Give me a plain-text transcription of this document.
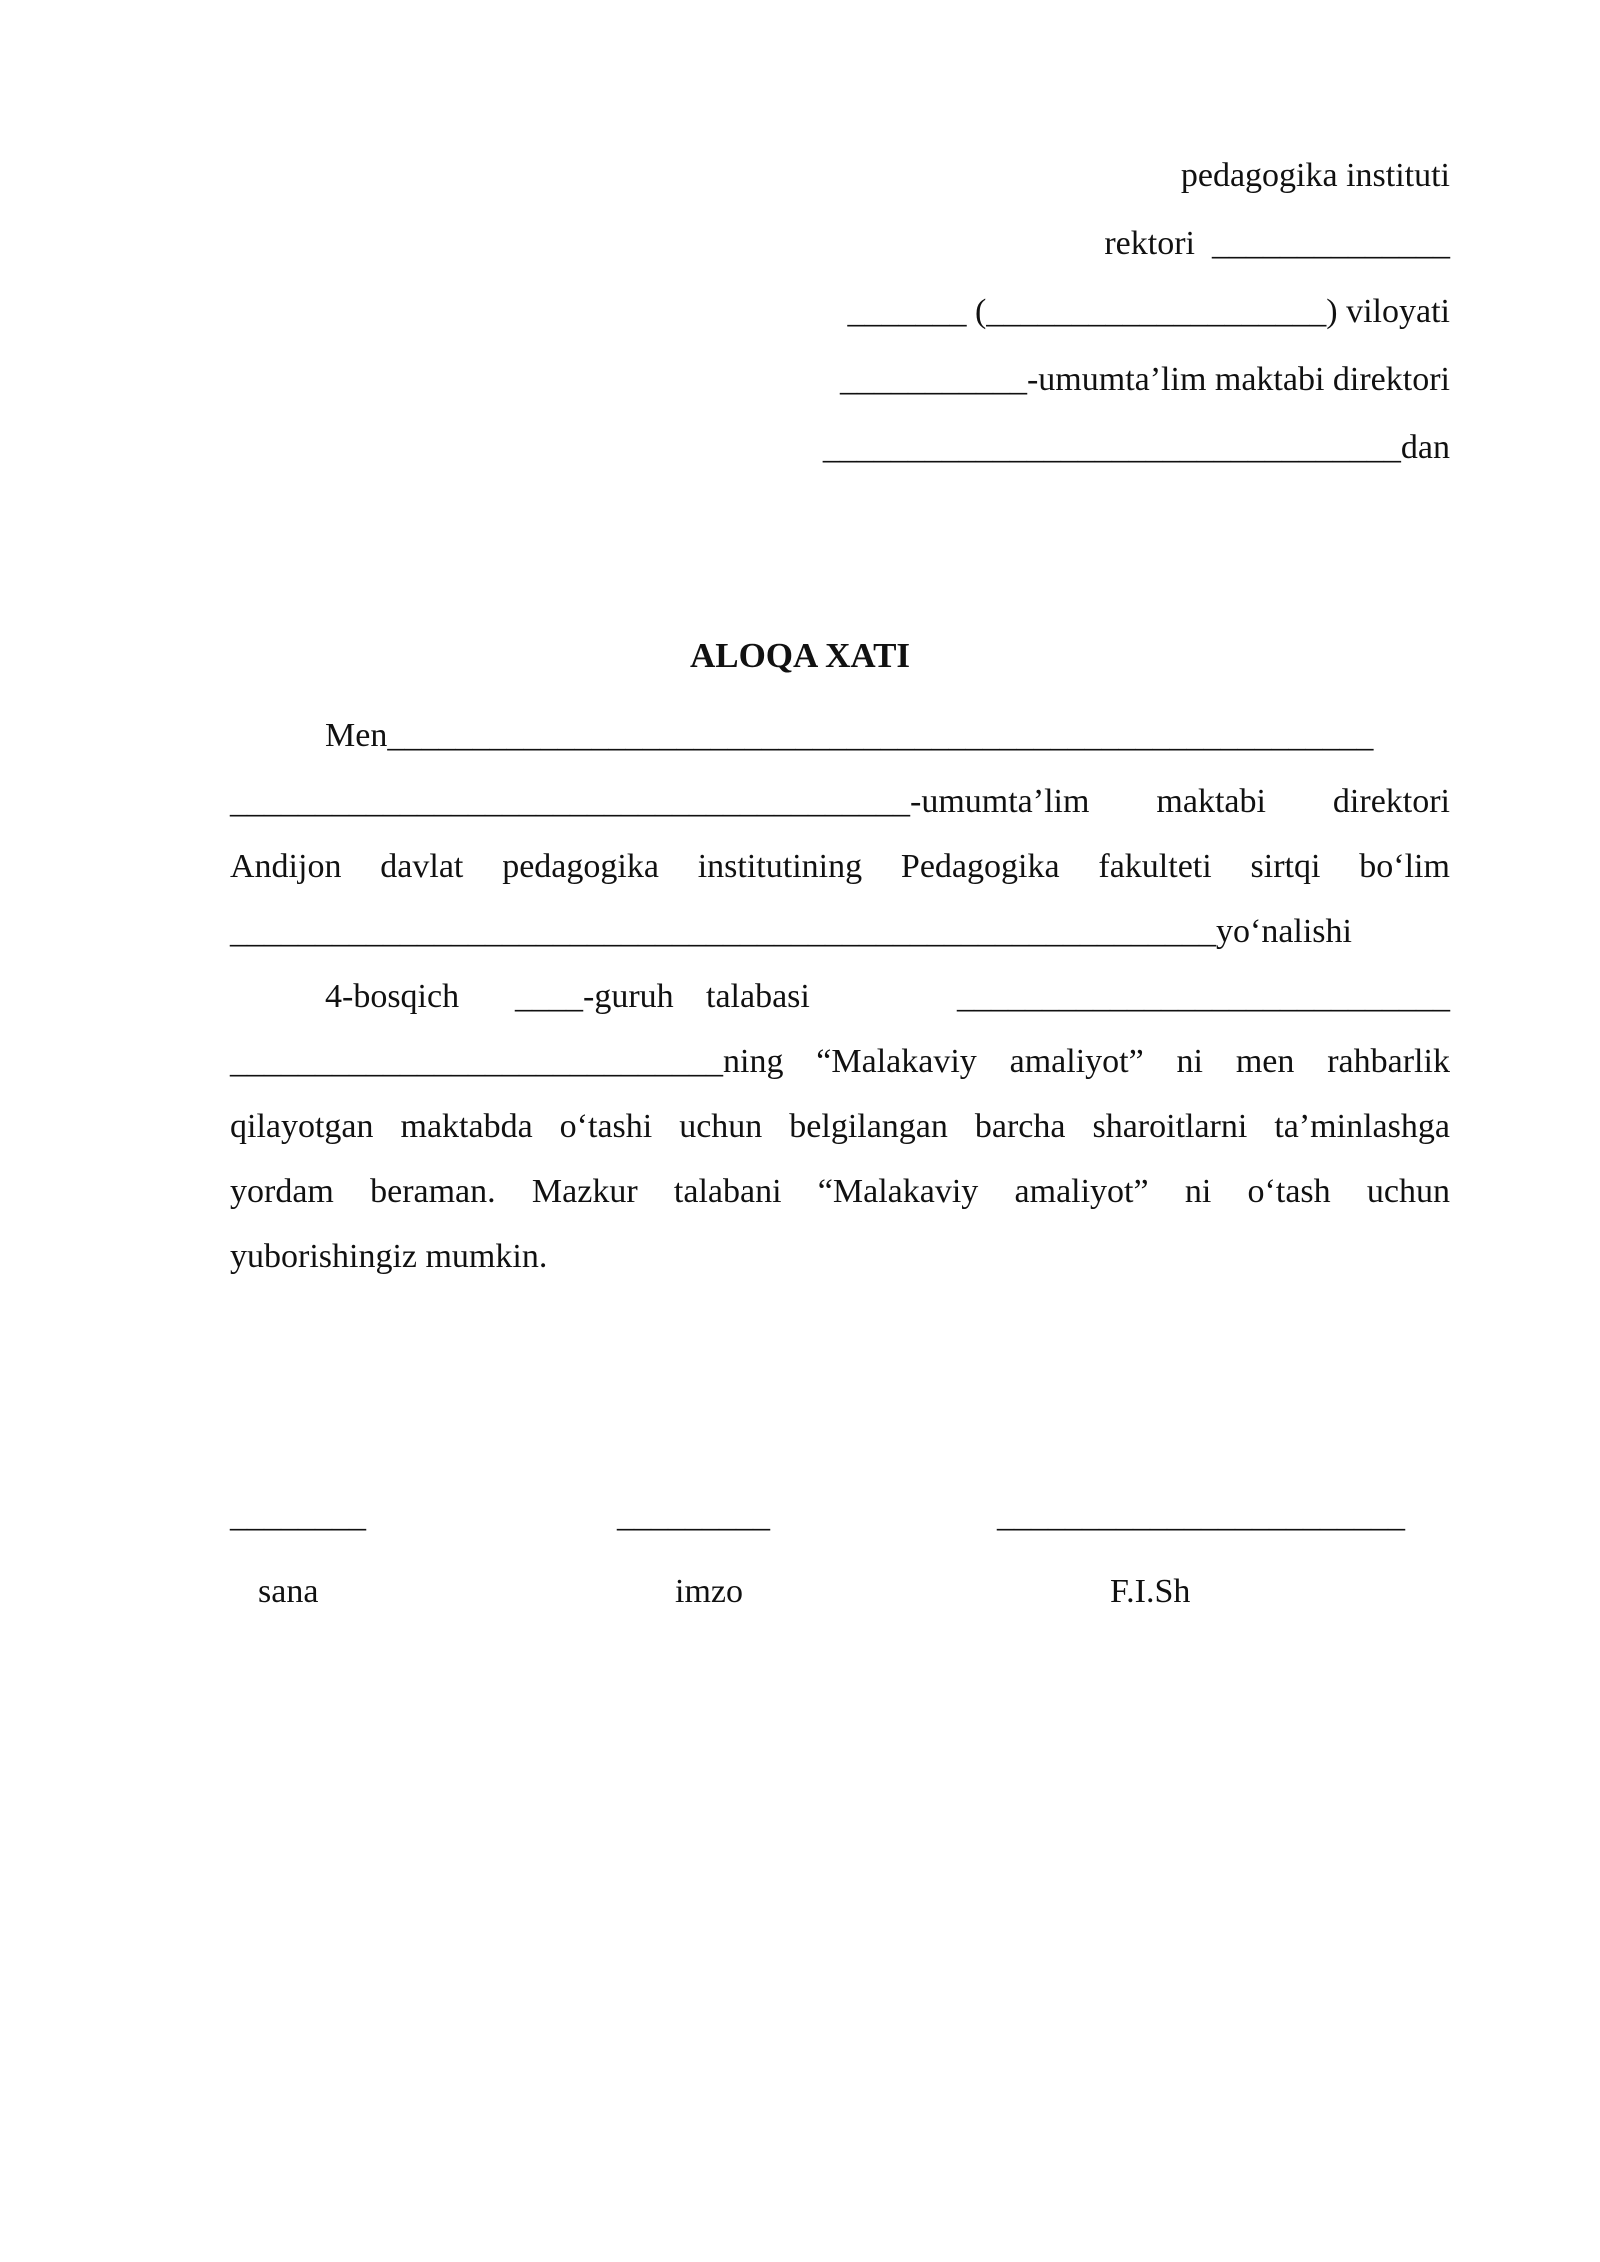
pedagogika instituti
rektori  ______________
_______ (____________________) viloyati
___________-umumta’lim maktabi direktori
__________________________________dan
ALOQA XATI
Men__________________________________________________________
________________________________________-umumta’lim maktabi direktori
Andijon davlat pedagogika institutining Pedagogika fakulteti sirtqi bo‘lim
__________________________________________________________yo‘nalishi
4-bosqich ____-guruh talabasi	_____________________________
_____________________________ning “Malakaviy amaliyot” ni men rahbarlik
qilayotgan maktabda o‘tashi uchun belgilangan barcha sharoitlarni ta’minlashga
yordam beraman. Mazkur talabani “Malakaviy amaliyot” ni o‘tash uchun
yuborishingiz mumkin.
________	_________	________________________
sana	imzo	F.I.Sh
